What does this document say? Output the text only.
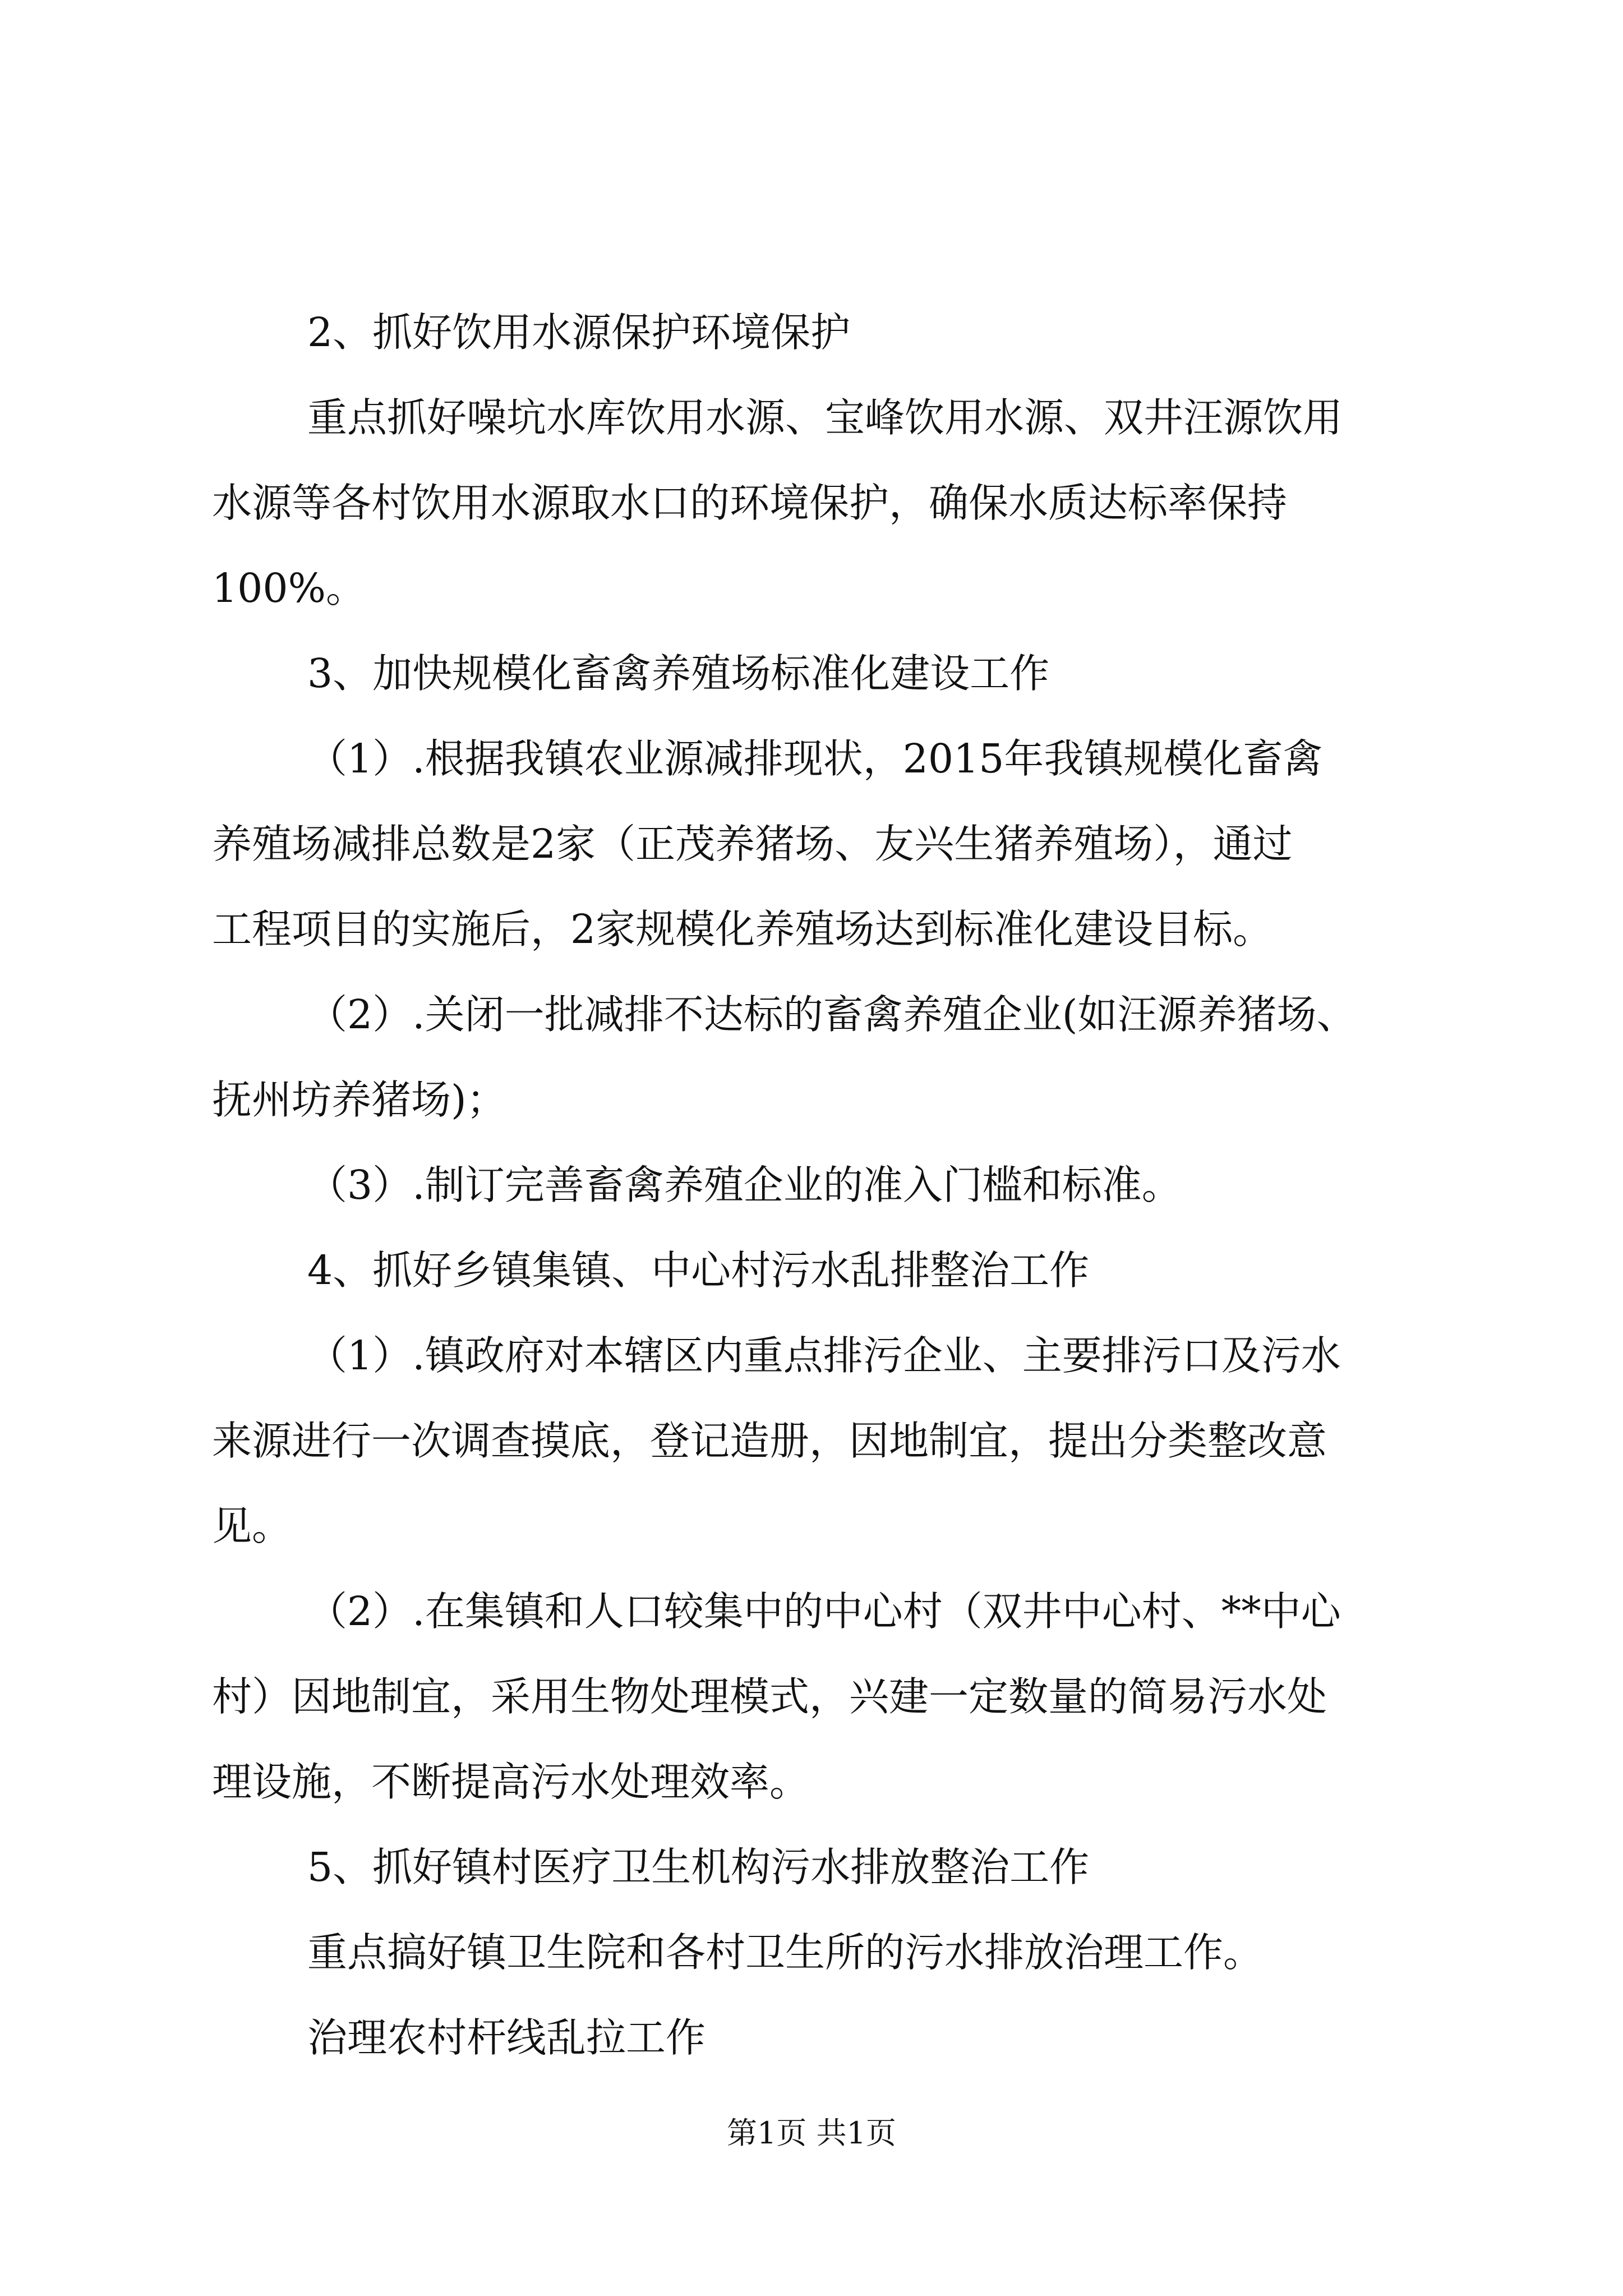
2、抓好饮用水源保护环境保护
重点抓好噪坑水库饮用水源、宝峰饮用水源、双井汪源饮用
水源等各村饮用水源取水口的环境保护，确保水质达标率保持
100%。
3、加快规模化畜禽养殖场标准化建设工作
（1）.根据我镇农业源减排现状，2015年我镇规模化畜禽
养殖场减排总数是2家（正茂养猪场、友兴生猪养殖场），通过
工程项目的实施后，2家规模化养殖场达到标准化建设目标。
（2）.关闭一批减排不达标的畜禽养殖企业(如汪源养猪场、
抚州坊养猪场)；
（3）.制订完善畜禽养殖企业的准入门槛和标准。
4、抓好乡镇集镇、中心村污水乱排整治工作
（1）.镇政府对本辖区内重点排污企业、主要排污口及污水
来源进行一次调查摸底，登记造册，因地制宜，提出分类整改意
见。
（2）.在集镇和人口较集中的中心村（双井中心村、**中心
村）因地制宜，采用生物处理模式，兴建一定数量的简易污水处
理设施，不断提高污水处理效率。
5、抓好镇村医疗卫生机构污水排放整治工作
重点搞好镇卫生院和各村卫生所的污水排放治理工作。
治理农村杆线乱拉工作
第1页 共1页
